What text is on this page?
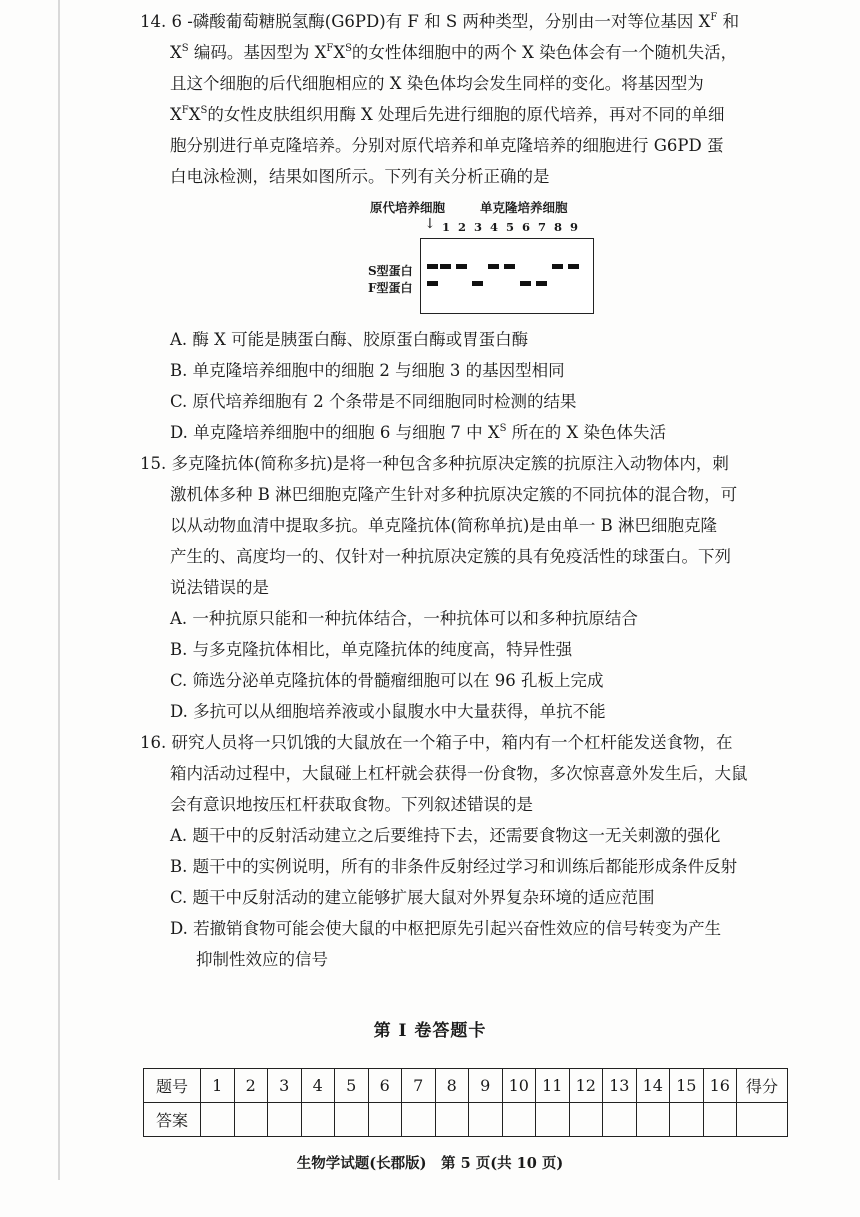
14. 6 -磷酸葡萄糖脱氢酶(G6PD)有 F 和 S 两种类型，分别由一对等位基因 $X^F$ 和
$X^S$ 编码。基因型为 $X^FX^S$的女性体细胞中的两个 X 染色体会有一个随机失活，
且这个细胞的后代细胞相应的 X 染色体均会发生同样的变化。将基因型为
$X^FX^S$的女性皮肤组织用酶 X 处理后先进行细胞的原代培养，再对不同的单细
胞分别进行单克隆培养。分别对原代培养和单克隆培养的细胞进行 G6PD 蛋
白电泳检测，结果如图所示。下列有关分析正确的是
原代培养细胞	单克隆培养细胞
↓ 1 2 3 4 5 6 7 8 9
S型蛋白
F型蛋白
A. 酶 X 可能是胰蛋白酶、胶原蛋白酶或胃蛋白酶
B. 单克隆培养细胞中的细胞 2 与细胞 3 的基因型相同
C. 原代培养细胞有 2 个条带是不同细胞同时检测的结果
D. 单克隆培养细胞中的细胞 6 与细胞 7 中 $X^S$ 所在的 X 染色体失活
15. 多克隆抗体(简称多抗)是将一种包含多种抗原决定簇的抗原注入动物体内，刺
激机体多种 B 淋巴细胞克隆产生针对多种抗原决定簇的不同抗体的混合物，可
以从动物血清中提取多抗。单克隆抗体(简称单抗)是由单一 B 淋巴细胞克隆
产生的、高度均一的、仅针对一种抗原决定簇的具有免疫活性的球蛋白。下列
说法错误的是
A. 一种抗原只能和一种抗体结合，一种抗体可以和多种抗原结合
B. 与多克隆抗体相比，单克隆抗体的纯度高，特异性强
C. 筛选分泌单克隆抗体的骨髓瘤细胞可以在 96 孔板上完成
D. 多抗可以从细胞培养液或小鼠腹水中大量获得，单抗不能
16. 研究人员将一只饥饿的大鼠放在一个箱子中，箱内有一个杠杆能发送食物，在
箱内活动过程中，大鼠碰上杠杆就会获得一份食物，多次惊喜意外发生后，大鼠
会有意识地按压杠杆获取食物。下列叙述错误的是
A. 题干中的反射活动建立之后要维持下去，还需要食物这一无关刺激的强化
B. 题干中的实例说明，所有的非条件反射经过学习和训练后都能形成条件反射
C. 题干中反射活动的建立能够扩展大鼠对外界复杂环境的适应范围
D. 若撤销食物可能会使大鼠的中枢把原先引起兴奋性效应的信号转变为产生
抑制性效应的信号
第 Ⅰ 卷答题卡
题号	1	2	3	4	5	6	7	8	9	10	11	12	13	14	15	16	得分
答案																	
生物学试题(长郡版)　第 5 页(共 10 页)
